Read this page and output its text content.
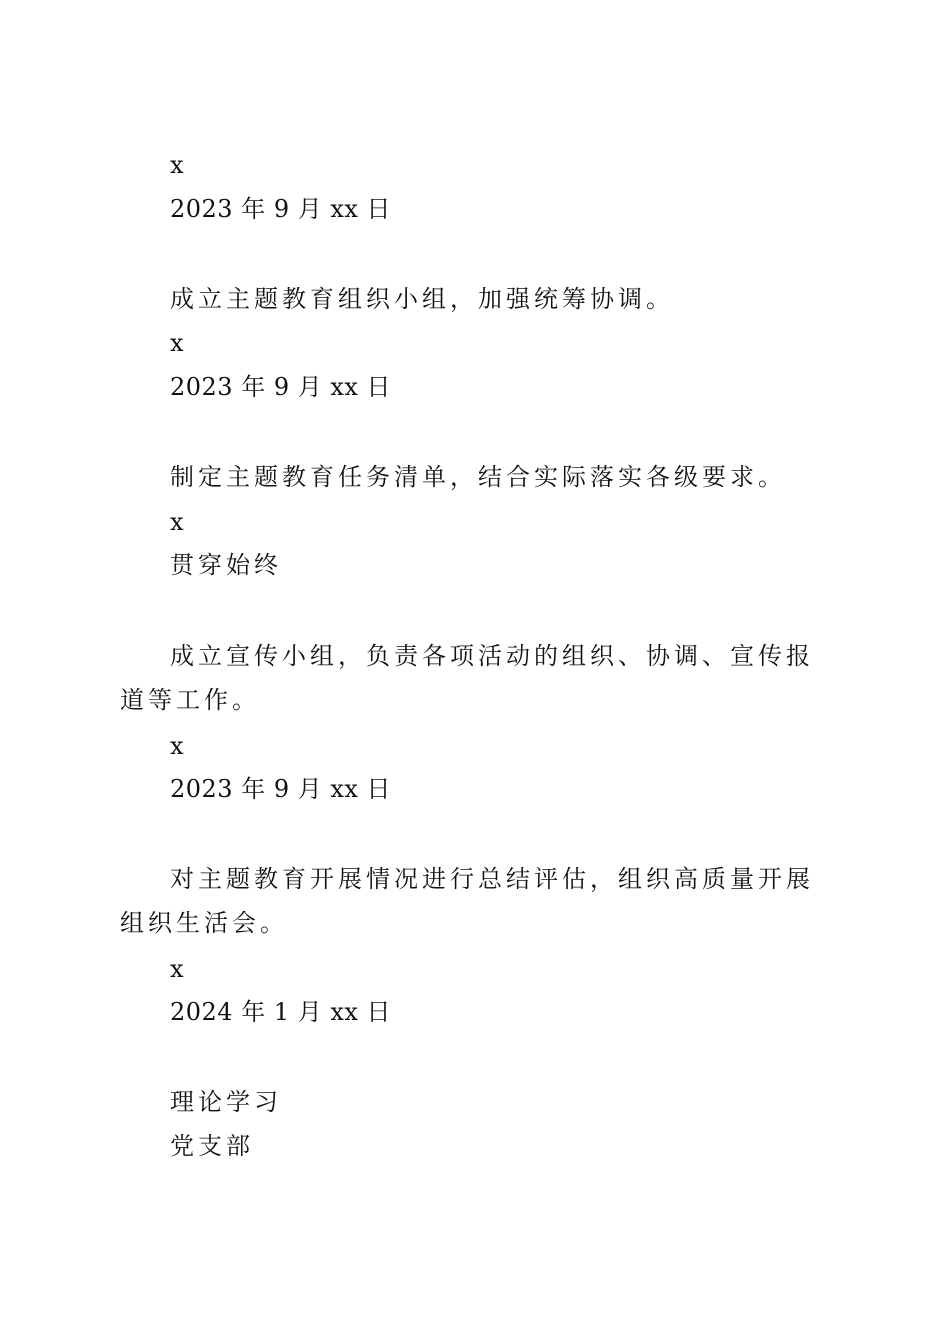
x
2023 年 9 月 xx 日
成立主题教育组织小组，加强统筹协调。
x
2023 年 9 月 xx 日
制定主题教育任务清单，结合实际落实各级要求。
x
贯穿始终
成立宣传小组，负责各项活动的组织、协调、宣传报道等工作。
x
2023 年 9 月 xx 日
对主题教育开展情况进行总结评估，组织高质量开展组织生活会。
x
2024 年 1 月 xx 日
理论学习
党支部
